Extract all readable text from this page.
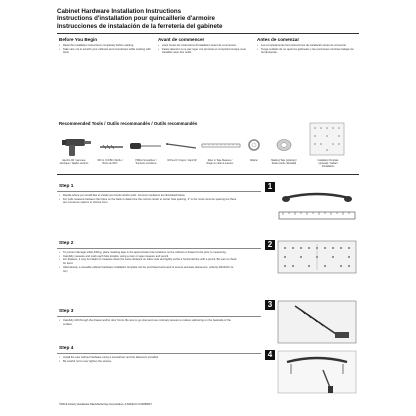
Cabinet Hardware Installation Instructions
Instructions d'installation pour quincaillerie d'armoire
Instrucciones de instalación de la ferretería del gabinete
Before You Begin
• Read the installation instructions completely before starting.
• Take care not to scratch your cabinets and countertops while working with tools.
Avant de commencer
• Lisez toutes les instructions d'installation avant de commencer.
• Faites attention à ne pas rayer vos armoires et comptoirs lorsque vous travaillez avec des outils.
Antes de comenzar
• Lea completamente las instrucciones de instalación antes de comenzar.
• Tenga cuidado de no rayar los gabinetes y las encimeras mientras trabaja con herramientas.
Recommended Tools / Outils recommandés / Outils recommandés
Electric drill / perceuse électrique / Taladro eléctrico
3/16 in. Drill Bit / Mèche / Broca de 3/16"
Phillips Screwdriver / Tournevis cruciforme
#2 Pencil / Crayon / Lápiz #2	Ruler or Tape Measure / Règle ou ruban à mesurer
Washer	Masking Tape (optional) / Ruban-cache (facultatif)
Installation Template (optional) / Gabarit d'installation
Step 1
• Decide where you would like to install your knobs and/or pulls. Common locations are illustrated below.
• For pulls measure between the holes on the back to determine the correct center to center hole spacing. 3" is the most common spacing but there are numerous options to choose from.
1
Step 2
• To prevent damage while drilling, place masking tape in the approximate hole locations on the cabinet or drawer fronts prior to measuring.
• Carefully measure and mark each hole location using a ruler or tape measure and pencil.
• For drawers, it may be helpful to measure down the same distance on either side and lightly scribe a horizontal line with a pencil. Be sure to check for level.
• Alternatively, a reusable cabinet hardware installation template can be purchased and used to ensure accurate placement. (Liberty AN0101C-G-G1)
2
Step 3
• Carefully drill through the drawer and/or door fronts. Be sure to go slow and use minimal pressure to reduce splintering on the backside of the surface.
3
Step 4
• Install the new cabinet hardware using a screwdriver and the fasteners provided.
• Be careful not to over tighten the screws.
4
©2013 Liberty Hardware Manufacturing Corporation, A MASCO COMPANY
